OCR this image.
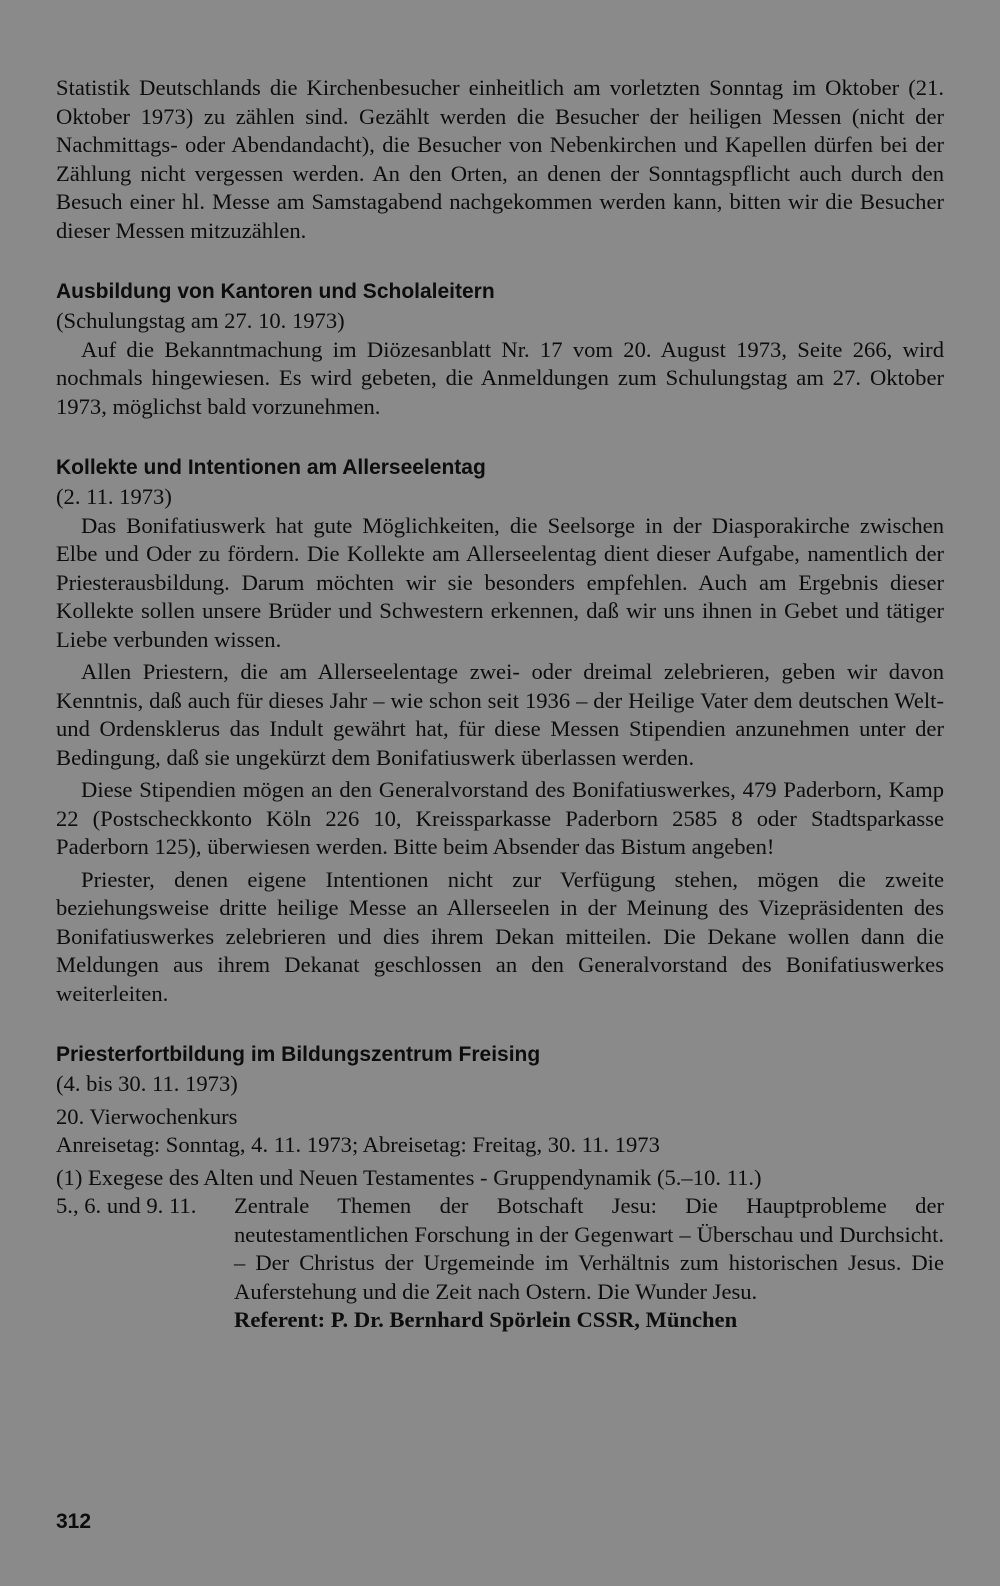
Statistik Deutschlands die Kirchenbesucher einheitlich am vorletzten Sonntag im Oktober (21. Oktober 1973) zu zählen sind. Gezählt werden die Besucher der heiligen Messen (nicht der Nachmittags- oder Abendandacht), die Besucher von Nebenkirchen und Kapellen dürfen bei der Zählung nicht vergessen werden. An den Orten, an denen der Sonntagspflicht auch durch den Besuch einer hl. Messe am Samstagabend nachgekommen werden kann, bitten wir die Besucher dieser Messen mitzuzählen.

Ausbildung von Kantoren und Scholaleitern
(Schulungstag am 27. 10. 1973)

Auf die Bekanntmachung im Diözesanblatt Nr. 17 vom 20. August 1973, Seite 266, wird nochmals hingewiesen. Es wird gebeten, die Anmeldungen zum Schulungstag am 27. Oktober 1973, möglichst bald vorzunehmen.

Kollekte und Intentionen am Allerseelentag
(2. 11. 1973)

Das Bonifatiuswerk hat gute Möglichkeiten, die Seelsorge in der Diasporakirche zwischen Elbe und Oder zu fördern. Die Kollekte am Allerseelentag dient dieser Aufgabe, namentlich der Priesterausbildung. Darum möchten wir sie besonders empfehlen. Auch am Ergebnis dieser Kollekte sollen unsere Brüder und Schwestern erkennen, daß wir uns ihnen in Gebet und tätiger Liebe verbunden wissen.

Allen Priestern, die am Allerseelentage zwei- oder dreimal zelebrieren, geben wir davon Kenntnis, daß auch für dieses Jahr – wie schon seit 1936 – der Heilige Vater dem deutschen Welt- und Ordensklerus das Indult gewährt hat, für diese Messen Stipendien anzunehmen unter der Bedingung, daß sie ungekürzt dem Bonifatiuswerk überlassen werden.

Diese Stipendien mögen an den Generalvorstand des Bonifatiuswerkes, 479 Paderborn, Kamp 22 (Postscheckkonto Köln 226 10, Kreissparkasse Paderborn 2585 8 oder Stadtsparkasse Paderborn 125), überwiesen werden. Bitte beim Absender das Bistum angeben!

Priester, denen eigene Intentionen nicht zur Verfügung stehen, mögen die zweite beziehungsweise dritte heilige Messe an Allerseelen in der Meinung des Vizepräsidenten des Bonifatiuswerkes zelebrieren und dies ihrem Dekan mitteilen. Die Dekane wollen dann die Meldungen aus ihrem Dekanat geschlossen an den Generalvorstand des Bonifatiuswerkes weiterleiten.

Priesterfortbildung im Bildungszentrum Freising
(4. bis 30. 11. 1973)
20. Vierwochenkurs
Anreisetag: Sonntag, 4. 11. 1973; Abreisetag: Freitag, 30. 11. 1973
(1) Exegese des Alten und Neuen Testamentes - Gruppendynamik (5.–10. 11.)
5., 6. und 9. 11.	Zentrale Themen der Botschaft Jesu: Die Hauptprobleme der neutestamentlichen Forschung in der Gegenwart – Überschau und Durchsicht. – Der Christus der Urgemeinde im Verhältnis zum historischen Jesus. Die Auferstehung und die Zeit nach Ostern. Die Wunder Jesu.
Referent: P. Dr. Bernhard Spörlein CSSR, München
312
